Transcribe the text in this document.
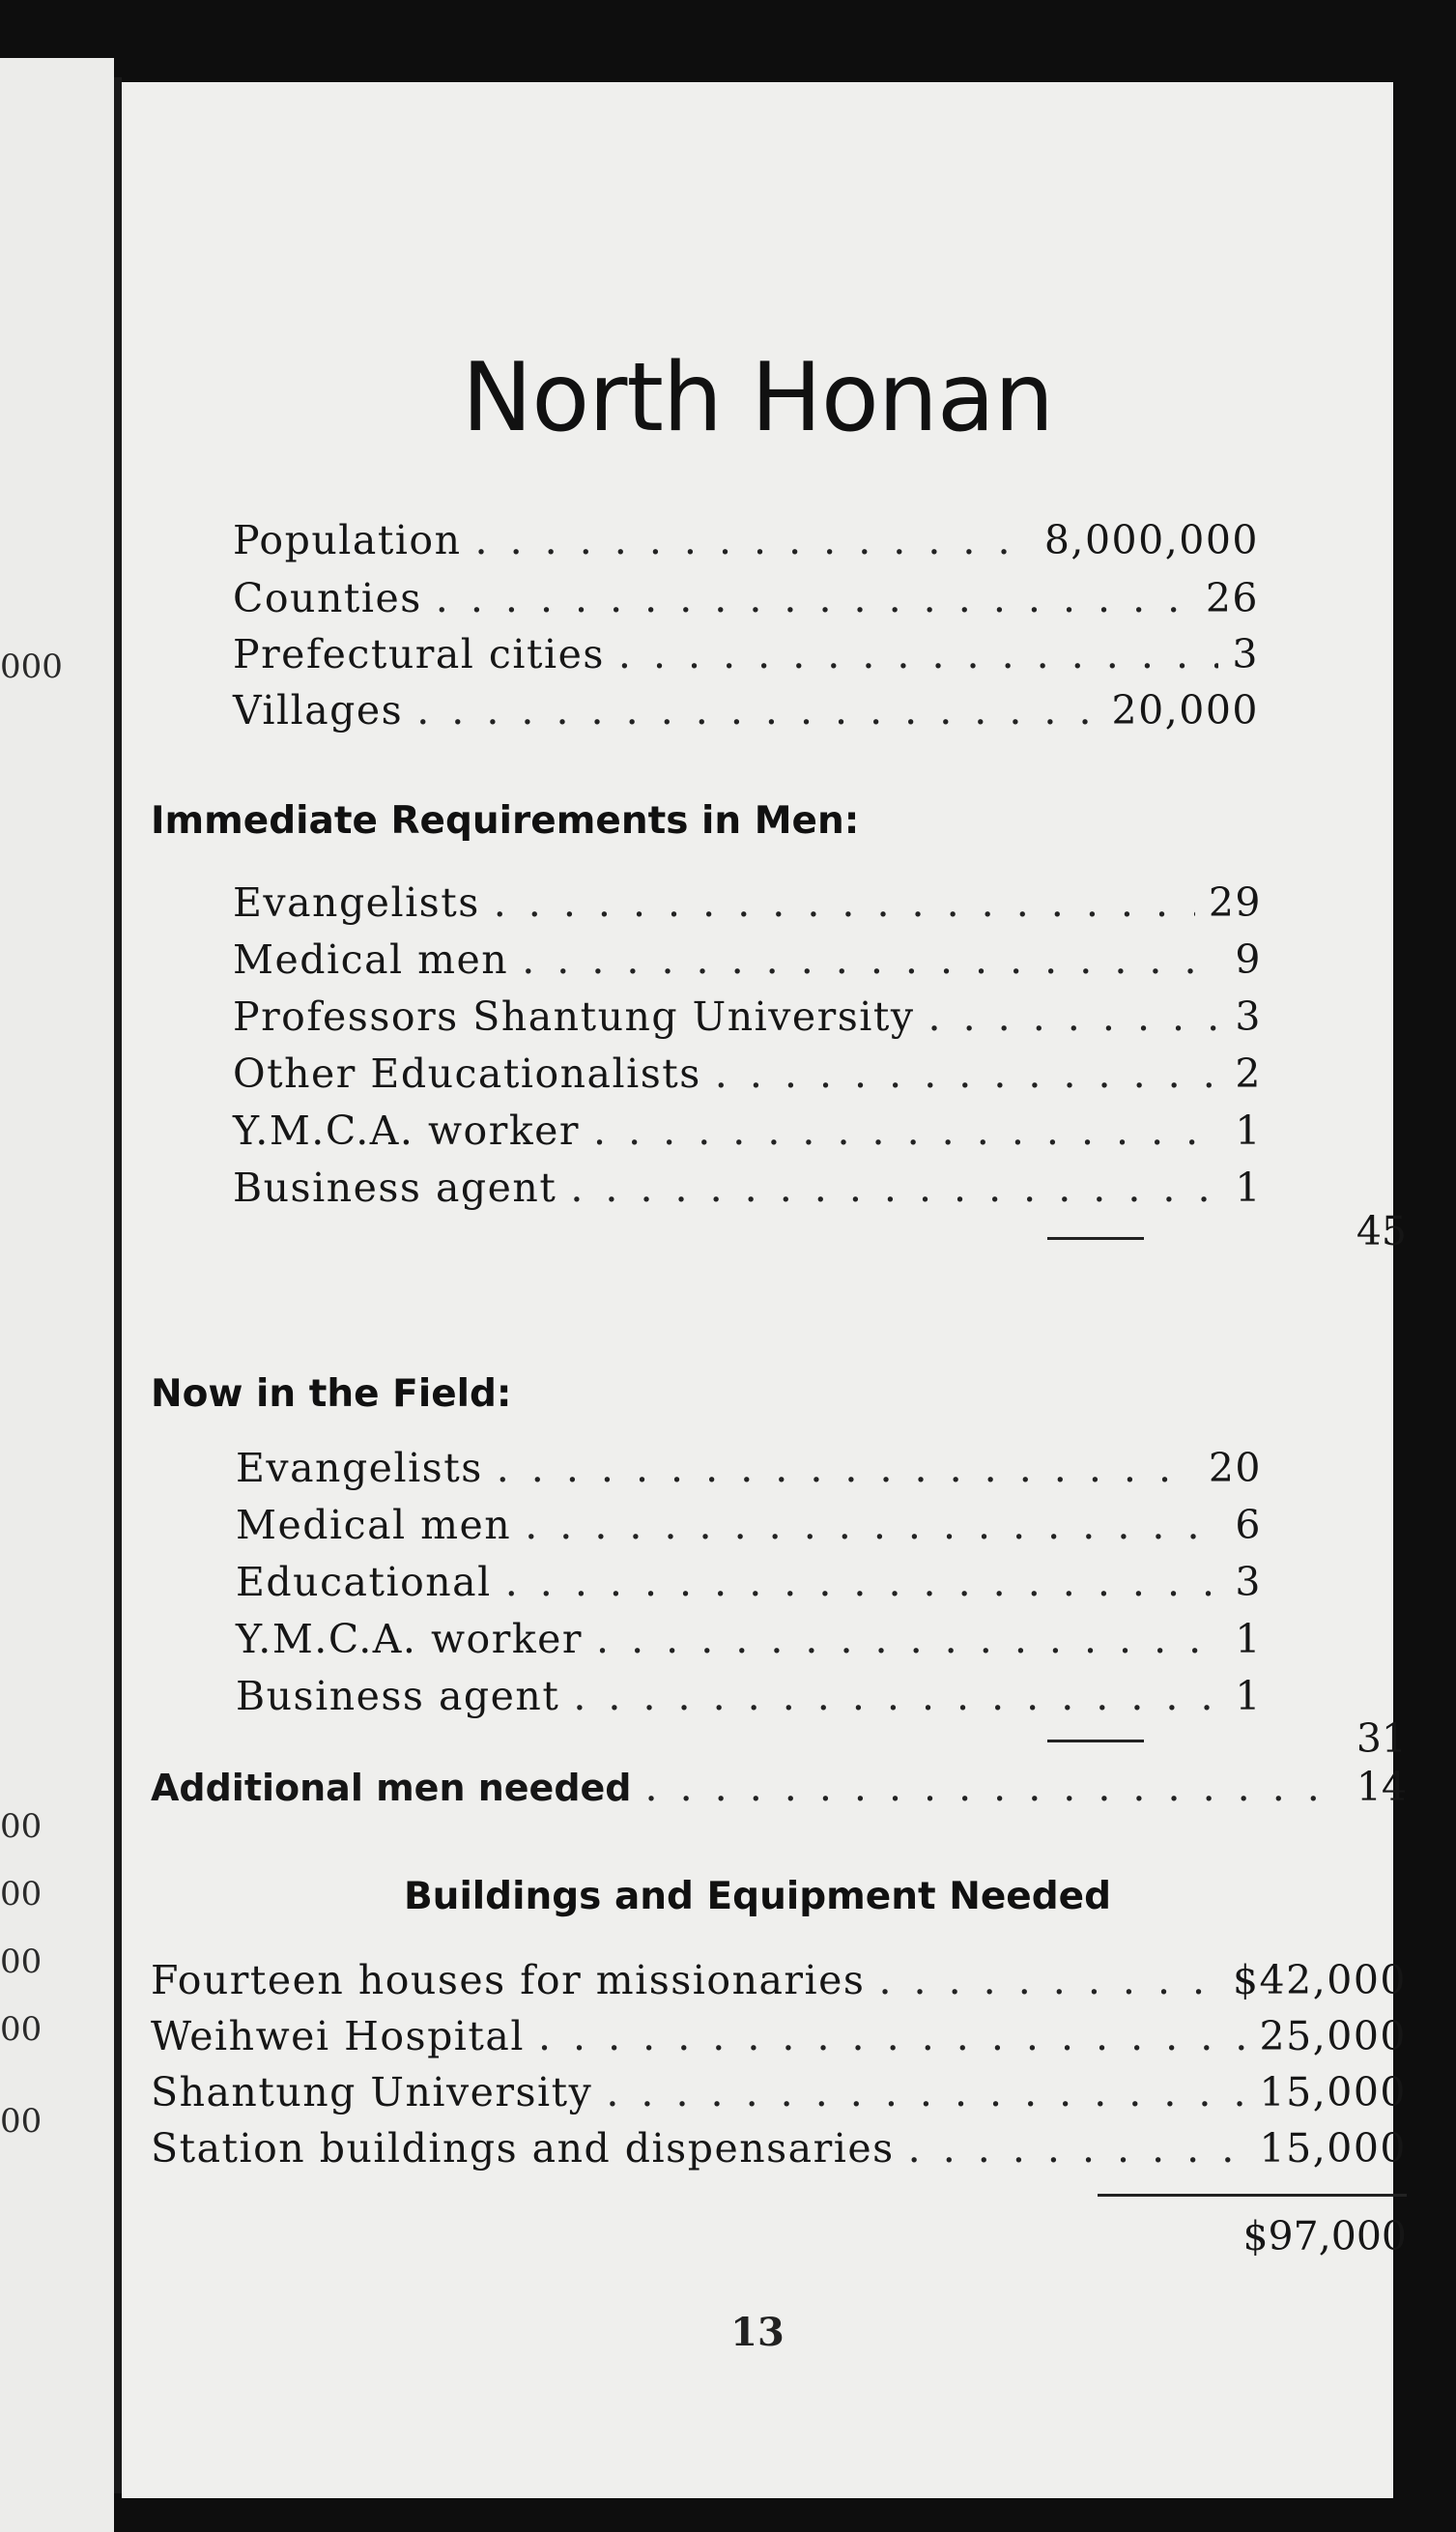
000
00
00
00
00
00
North Honan
Population . . .	8,000,000
Counties . . .	26
Prefectural cities . . .	3
Villages . . .	20,000
Immediate Requirements in Men:
Evangelists . . .	29
Medical men . . .	9
Professors Shantung University . . .	3
Other Educationalists . . .	2
Y.M.C.A. worker . . .	1
Business agent . . .	1
45
Now in the Field:
Evangelists . . .	20
Medical men . . .	6
Educational . . .	3
Y.M.C.A. worker . . .	1
Business agent . . .	1
31
Additional men needed . . .	14
Buildings and Equipment Needed
Fourteen houses for missionaries . . .	$42,000
Weihwei Hospital . . .	25,000
Shantung University . . .	15,000
Station buildings and dispensaries . . .	15,000
$97,000
13
